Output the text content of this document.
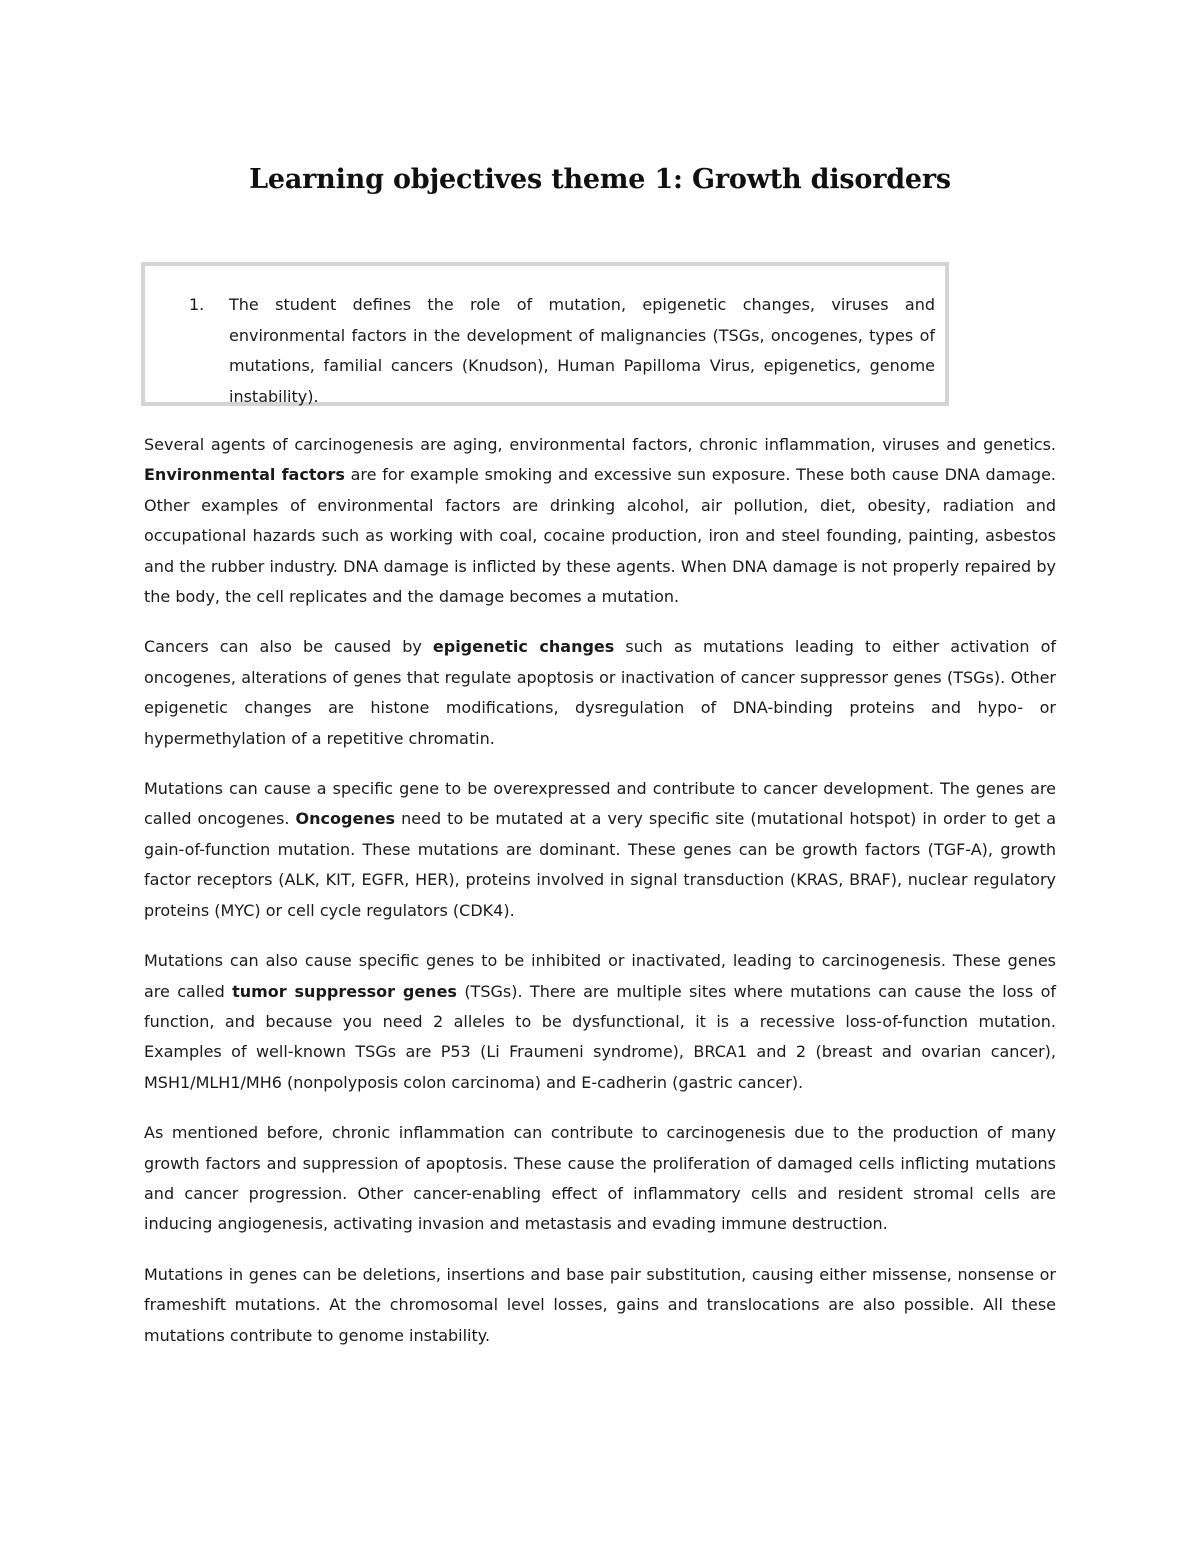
Learning objectives theme 1: Growth disorders
1. The student defines the role of mutation, epigenetic changes, viruses and environmental factors in the development of malignancies (TSGs, oncogenes, types of mutations, familial cancers (Knudson), Human Papilloma Virus, epigenetics, genome instability).

Several agents of carcinogenesis are aging, environmental factors, chronic inflammation, viruses and genetics. Environmental factors are for example smoking and excessive sun exposure. These both cause DNA damage. Other examples of environmental factors are drinking alcohol, air pollution, diet, obesity, radiation and occupational hazards such as working with coal, cocaine production, iron and steel founding, painting, asbestos and the rubber industry. DNA damage is inflicted by these agents. When DNA damage is not properly repaired by the body, the cell replicates and the damage becomes a mutation.

Cancers can also be caused by epigenetic changes such as mutations leading to either activation of oncogenes, alterations of genes that regulate apoptosis or inactivation of cancer suppressor genes (TSGs). Other epigenetic changes are histone modifications, dysregulation of DNA-binding proteins and hypo- or hypermethylation of a repetitive chromatin.

Mutations can cause a specific gene to be overexpressed and contribute to cancer development. The genes are called oncogenes. Oncogenes need to be mutated at a very specific site (mutational hotspot) in order to get a gain-of-function mutation. These mutations are dominant. These genes can be growth factors (TGF-A), growth factor receptors (ALK, KIT, EGFR, HER), proteins involved in signal transduction (KRAS, BRAF), nuclear regulatory proteins (MYC) or cell cycle regulators (CDK4).

Mutations can also cause specific genes to be inhibited or inactivated, leading to carcinogenesis. These genes are called tumor suppressor genes (TSGs). There are multiple sites where mutations can cause the loss of function, and because you need 2 alleles to be dysfunctional, it is a recessive loss-of-function mutation. Examples of well-known TSGs are P53 (Li Fraumeni syndrome), BRCA1 and 2 (breast and ovarian cancer), MSH1/MLH1/MH6 (nonpolyposis colon carcinoma) and E-cadherin (gastric cancer).

As mentioned before, chronic inflammation can contribute to carcinogenesis due to the production of many growth factors and suppression of apoptosis. These cause the proliferation of damaged cells inflicting mutations and cancer progression. Other cancer-enabling effect of inflammatory cells and resident stromal cells are inducing angiogenesis, activating invasion and metastasis and evading immune destruction.

Mutations in genes can be deletions, insertions and base pair substitution, causing either missense, nonsense or frameshift mutations. At the chromosomal level losses, gains and translocations are also possible. All these mutations contribute to genome instability.
